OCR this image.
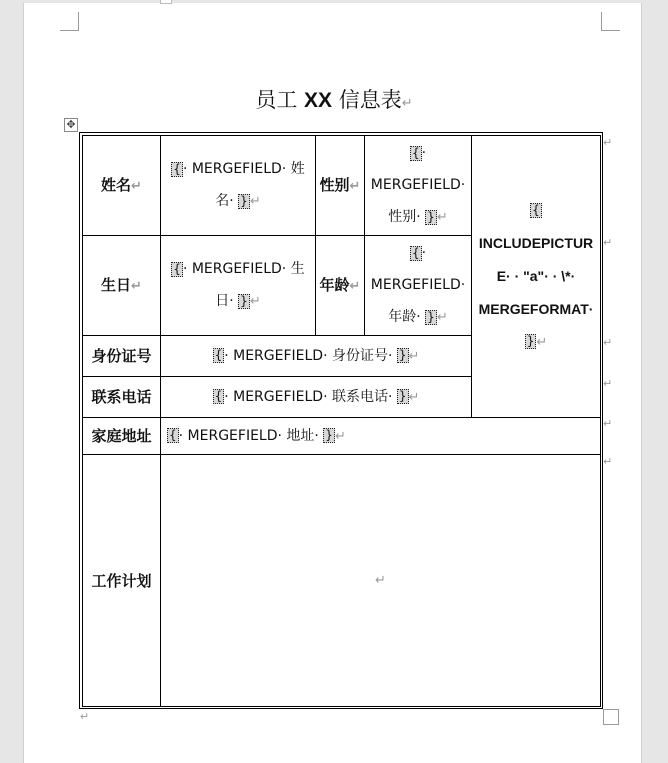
员工 XX 信息表↵
✥
姓名↵	{ · MERGEFIELD· 姓名· } ↵	性别↵	{ · MERGEFIELD· 性别· } ↵	{
INCLUDEPICTUR
E· · "a"· · \*·
MERGEFORMAT·
} ↵

生日↵	{ · MERGEFIELD· 生日· } ↵	年龄↵	{ · MERGEFIELD· 年龄· } ↵	
身份证号	{ · MERGEFIELD· 身份证号· } ↵			
联系电话	{ · MERGEFIELD· 联系电话· } ↵			
家庭地址	{ · MERGEFIELD· 地址· } ↵			
工作计划	↵			
↵
↵
↵
↵
↵
↵
↵
